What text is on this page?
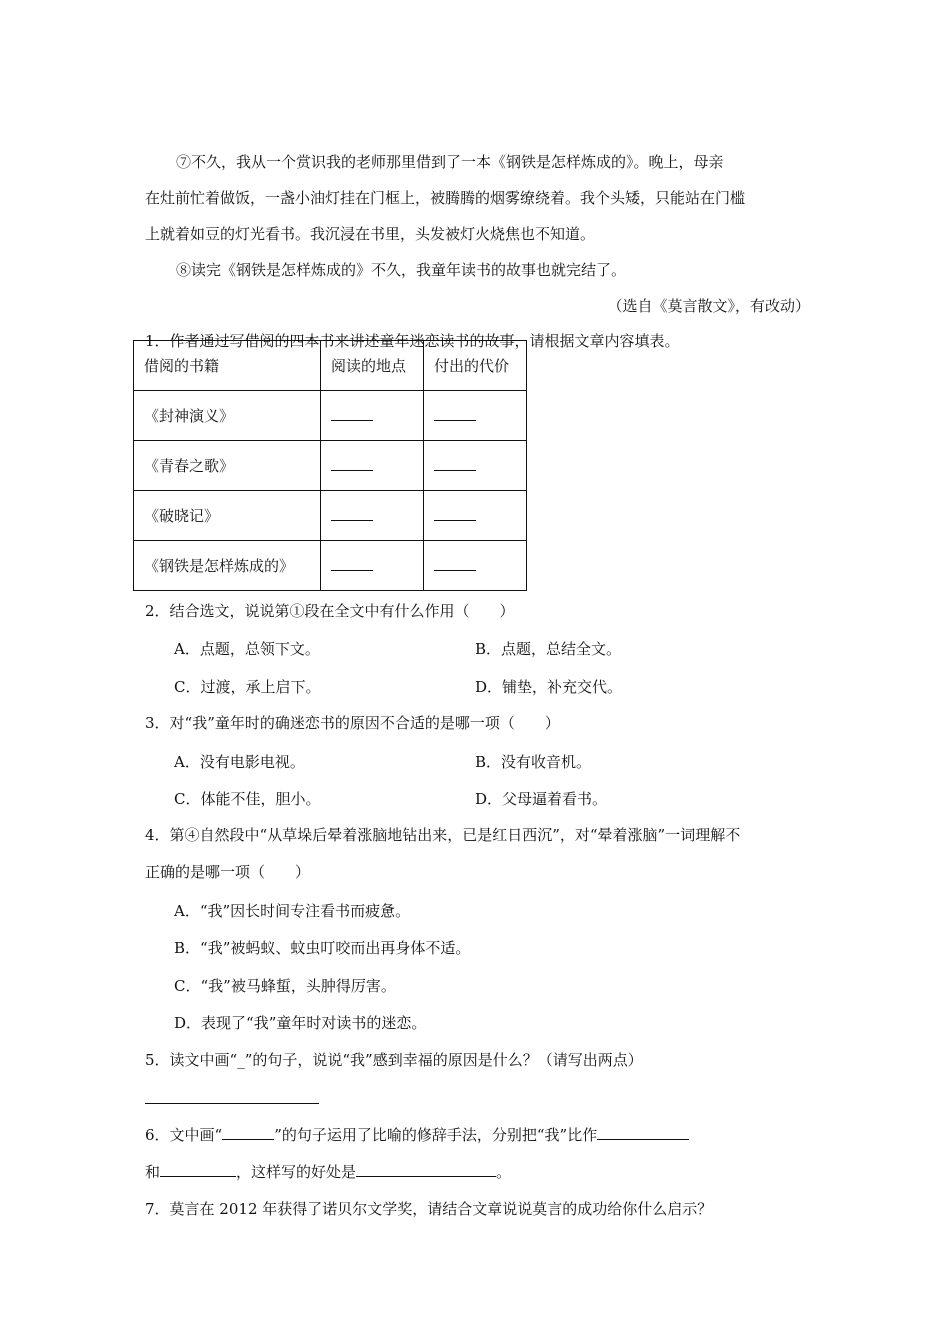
⑦不久，我从一个赏识我的老师那里借到了一本《钢铁是怎样炼成的》。晚上，母亲
在灶前忙着做饭，一盏小油灯挂在门框上，被腾腾的烟雾缭绕着。我个头矮，只能站在门槛
上就着如豆的灯光看书。我沉浸在书里，头发被灯火烧焦也不知道。
⑧读完《钢铁是怎样炼成的》不久，我童年读书的故事也就完结了。
（选自《莫言散文》，有改动）
1．作者通过写借阅的四本书来讲述童年迷恋读书的故事，请根据文章内容填表。
借阅的书籍	阅读的地点	付出的代价
《封神演义》		
《青春之歌》		
《破晓记》		
《钢铁是怎样炼成的》		
2．结合选文，说说第①段在全文中有什么作用（　　）
A．点题，总领下文。	B．点题，总结全文。
C．过渡，承上启下。	D．铺垫，补充交代。
3．对“我”童年时的确迷恋书的原因不合适的是哪一项（　　）
A．没有电影电视。	B．没有收音机。
C．体能不佳，胆小。	D．父母逼着看书。
4．第④自然段中“从草垛后晕着涨脑地钻出来，已是红日西沉”，对“晕着涨脑”一词理解不
正确的是哪一项（　　）
A．“我”因长时间专注看书而疲惫。
B．“我”被蚂蚁、蚊虫叮咬而出再身体不适。
C．“我”被马蜂蜇，头肿得厉害。
D．表现了“我”童年时对读书的迷恋。
5．读文中画“_”的句子，说说“我”感到幸福的原因是什么？（请写出两点）
6．文中画“	”的句子运用了比喻的修辞手法，分别把“我”比作
和	，这样写的好处是	。
7．莫言在 2012 年获得了诺贝尔文学奖，请结合文章说说莫言的成功给你什么启示？
